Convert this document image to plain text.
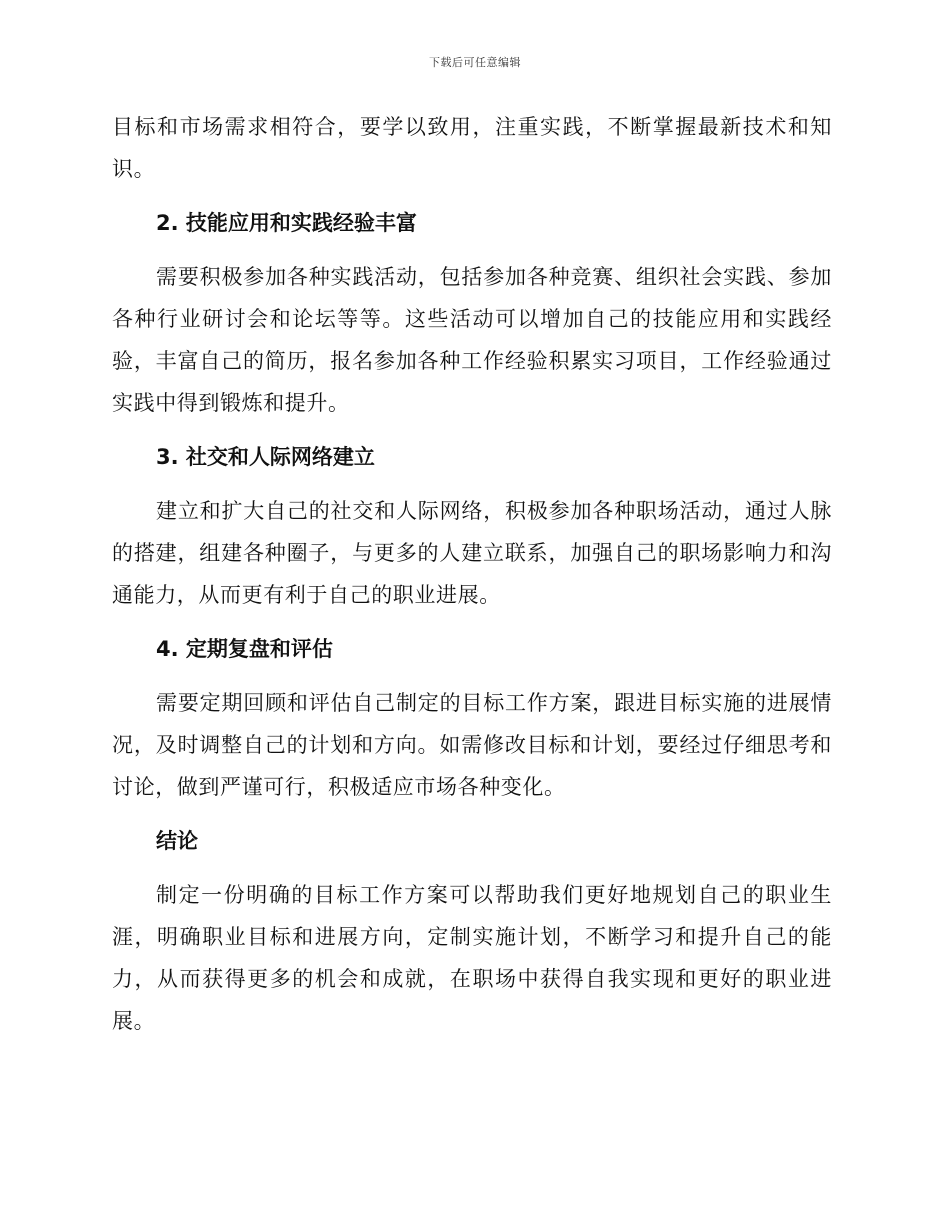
下载后可任意编辑

目标和市场需求相符合，要学以致用，注重实践，不断掌握最新技术和知识。

2. 技能应用和实践经验丰富

需要积极参加各种实践活动，包括参加各种竞赛、组织社会实践、参加各种行业研讨会和论坛等等。这些活动可以增加自己的技能应用和实践经验，丰富自己的简历，报名参加各种工作经验积累实习项目，工作经验通过实践中得到锻炼和提升。

3. 社交和人际网络建立

建立和扩大自己的社交和人际网络，积极参加各种职场活动，通过人脉的搭建，组建各种圈子，与更多的人建立联系，加强自己的职场影响力和沟通能力，从而更有利于自己的职业进展。

4. 定期复盘和评估

需要定期回顾和评估自己制定的目标工作方案，跟进目标实施的进展情况，及时调整自己的计划和方向。如需修改目标和计划，要经过仔细思考和讨论，做到严谨可行，积极适应市场各种变化。

结论

制定一份明确的目标工作方案可以帮助我们更好地规划自己的职业生涯，明确职业目标和进展方向，定制实施计划，不断学习和提升自己的能力，从而获得更多的机会和成就，在职场中获得自我实现和更好的职业进展。
